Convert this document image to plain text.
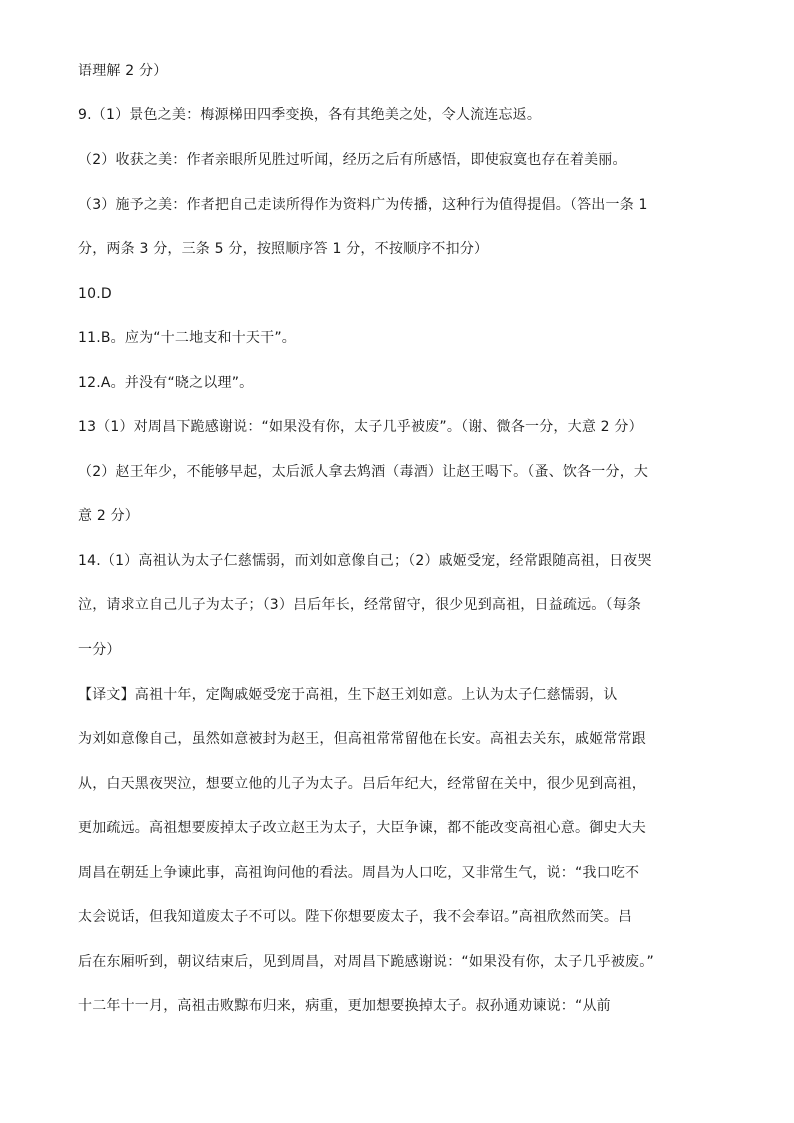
语理解 2 分）
9.（1）景色之美：梅源梯田四季变换，各有其绝美之处，令人流连忘返。
（2）收获之美：作者亲眼所见胜过听闻，经历之后有所感悟，即使寂寞也存在着美丽。
（3）施予之美：作者把自己走读所得作为资料广为传播，这种行为值得提倡。（答出一条 1
分，两条 3 分，三条 5 分，按照顺序答 1 分，不按顺序不扣分）
10.D
11.B。应为“十二地支和十天干”。
12.A。并没有“晓之以理”。
13（1）对周昌下跪感谢说：“如果没有你，太子几乎被废”。（谢、微各一分，大意 2 分）
（2）赵王年少，不能够早起，太后派人拿去鸩酒（毒酒）让赵王喝下。（蚤、饮各一分，大
意 2 分）
14.（1）高祖认为太子仁慈懦弱，而刘如意像自己；（2）戚姬受宠，经常跟随高祖，日夜哭
泣，请求立自己儿子为太子；（3）吕后年长，经常留守，很少见到高祖，日益疏远。（每条
一分）
【译文】高祖十年，定陶戚姬受宠于高祖，生下赵王刘如意。上认为太子仁慈懦弱，认
为刘如意像自己，虽然如意被封为赵王，但高祖常常留他在长安。高祖去关东，戚姬常常跟
从，白天黑夜哭泣，想要立他的儿子为太子。吕后年纪大，经常留在关中，很少见到高祖，
更加疏远。高祖想要废掉太子改立赵王为太子，大臣争谏，都不能改变高祖心意。御史大夫
周昌在朝廷上争谏此事，高祖询问他的看法。周昌为人口吃，又非常生气，说：“我口吃不
太会说话，但我知道废太子不可以。陛下你想要废太子，我不会奉诏。”高祖欣然而笑。吕
后在东厢听到，朝议结束后，见到周昌，对周昌下跪感谢说：“如果没有你，太子几乎被废。”
十二年十一月，高祖击败黥布归来，病重，更加想要换掉太子。叔孙通劝谏说：“从前
